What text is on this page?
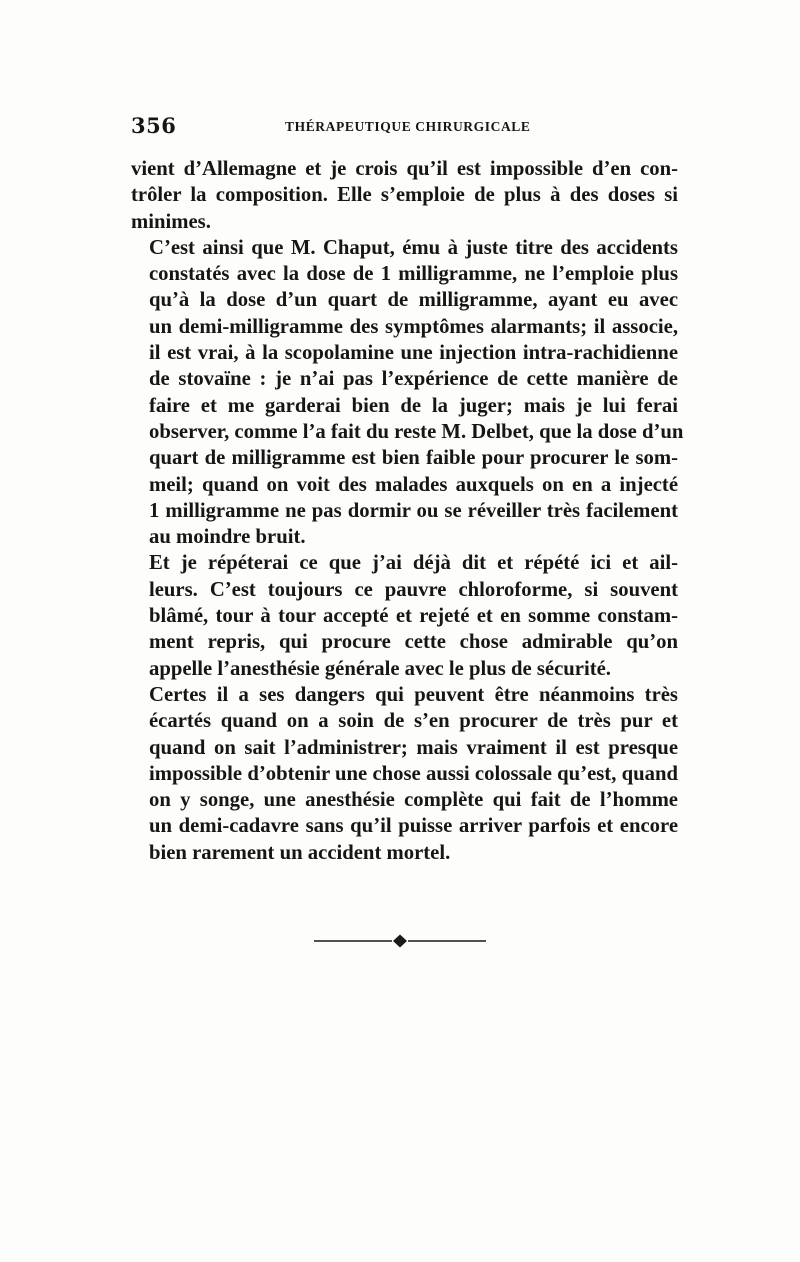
356	THÉRAPEUTIQUE CHIRURGICALE

vient d’Allemagne et je crois qu’il est impossible d’en con-
trôler la composition. Elle s’emploie de plus à des doses si
minimes.

C’est ainsi que M. Chaput, ému à juste titre des accidents
constatés avec la dose de 1 milligramme, ne l’emploie plus
qu’à la dose d’un quart de milligramme, ayant eu avec
un demi-milligramme des symptômes alarmants; il associe,
il est vrai, à la scopolamine une injection intra-rachidienne
de stovaïne : je n’ai pas l’expérience de cette manière de
faire et me garderai bien de la juger; mais je lui ferai
observer, comme l’a fait du reste M. Delbet, que la dose d’un
quart de milligramme est bien faible pour procurer le som-
meil; quand on voit des malades auxquels on en a injecté
1 milligramme ne pas dormir ou se réveiller très facilement
au moindre bruit.

Et je répéterai ce que j’ai déjà dit et répété ici et ail-
leurs. C’est toujours ce pauvre chloroforme, si souvent
blâmé, tour à tour accepté et rejeté et en somme constam-
ment repris, qui procure cette chose admirable qu’on
appelle l’anesthésie générale avec le plus de sécurité.

Certes il a ses dangers qui peuvent être néanmoins très
écartés quand on a soin de s’en procurer de très pur et
quand on sait l’administrer; mais vraiment il est presque
impossible d’obtenir une chose aussi colossale qu’est, quand
on y songe, une anesthésie complète qui fait de l’homme
un demi-cadavre sans qu’il puisse arriver parfois et encore
bien rarement un accident mortel.
